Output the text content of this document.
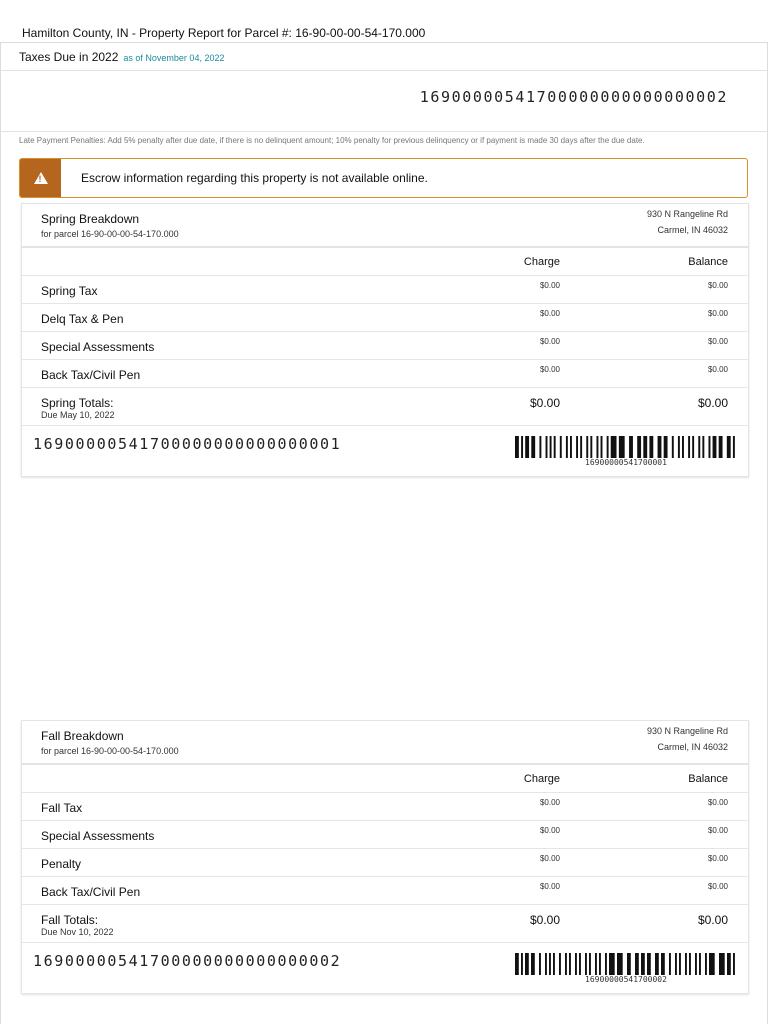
Hamilton County, IN - Property Report for Parcel #: 16-90-00-00-54-170.000
Taxes Due in 2022 as of November 04, 2022
16900000541700000000000000002
Late Payment Penalties: Add 5% penalty after due date, if there is no delinquent amount; 10% penalty for previous delinquency or if payment is made 30 days after the due date.
!
Escrow information regarding this property is not available online.
Spring Breakdown
for parcel 16-90-00-00-54-170.000
930 N Rangeline Rd
Carmel, IN 46032
Charge	Balance
Spring Tax	$0.00	$0.00
Delq Tax & Pen	$0.00	$0.00
Special Assessments	$0.00	$0.00
Back Tax/Civil Pen	$0.00	$0.00
Spring Totals:
Due May 10, 2022
$0.00	$0.00
16900000541700000000000000001
16900000541700001
Fall Breakdown
for parcel 16-90-00-00-54-170.000
930 N Rangeline Rd
Carmel, IN 46032
Charge	Balance
Fall Tax	$0.00	$0.00
Special Assessments	$0.00	$0.00
Penalty	$0.00	$0.00
Back Tax/Civil Pen	$0.00	$0.00
Fall Totals:
Due Nov 10, 2022
$0.00	$0.00
16900000541700000000000000002
16900000541700002
